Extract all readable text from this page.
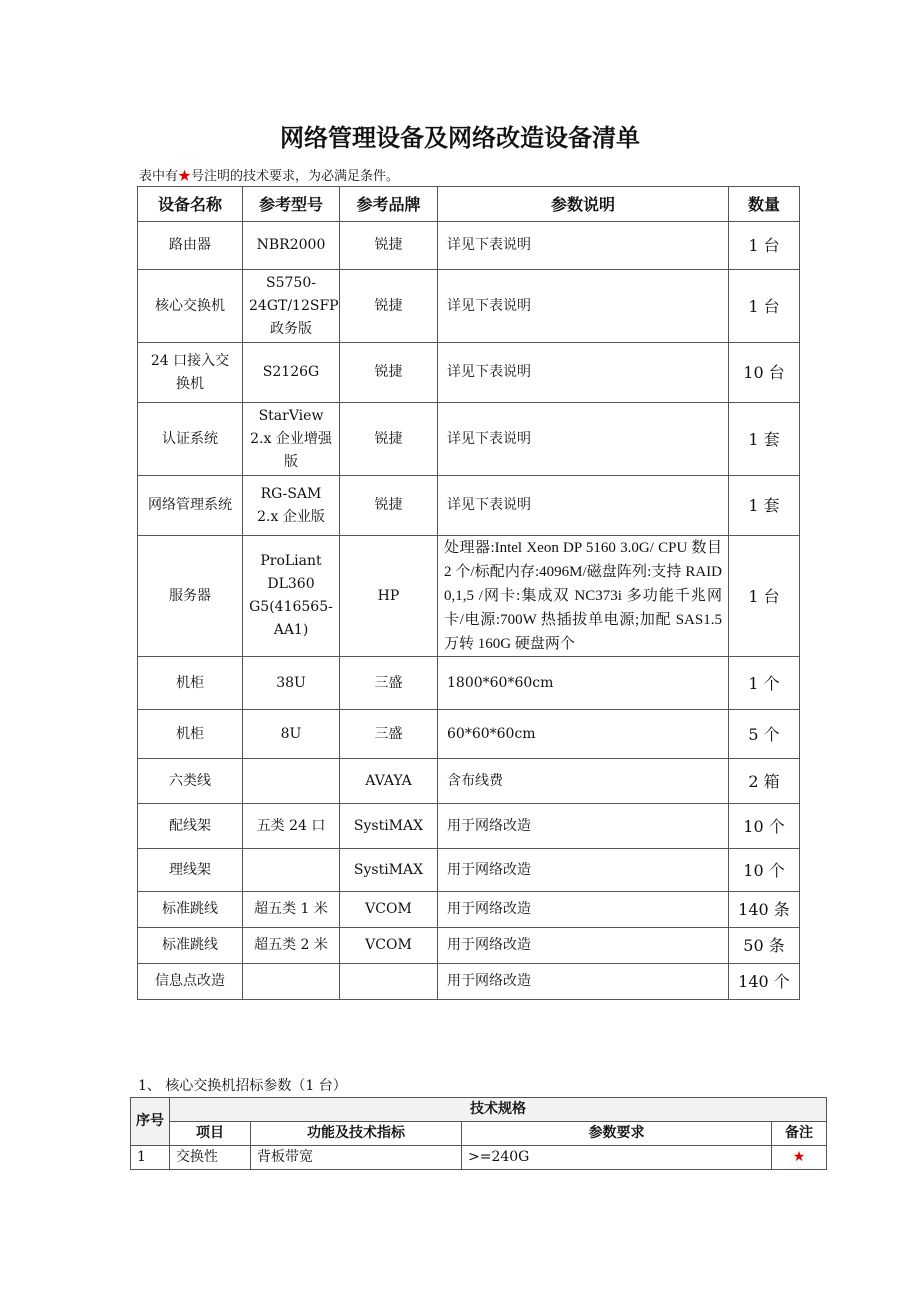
网络管理设备及网络改造设备清单
表中有★号注明的技术要求，为必满足条件。
设备名称	参考型号	参考品牌	参数说明	数量
路由器	NBR2000	锐捷	详见下表说明	1 台
核心交换机	S5750-24GT/12SFP 政务版	锐捷	详见下表说明	1 台
24 口接入交换机	S2126G	锐捷	详见下表说明	10 台
认证系统	StarView 2.x 企业增强版	锐捷	详见下表说明	1 套
网络管理系统	RG-SAM 2.x 企业版	锐捷	详见下表说明	1 套
服务器	ProLiant DL360 G5(416565-AA1)	HP	处理器:Intel Xeon DP 5160 3.0G/ CPU 数目 2 个/标配内存:4096M/磁盘阵列:支持 RAID 0,1,5 /网卡:集成双 NC373i 多功能千兆网卡/电源:700W 热插拔单电源;加配 SAS1.5 万转 160G 硬盘两个	1 台
机柜	38U	三盛	1800*60*60cm	1 个
机柜	8U	三盛	60*60*60cm	5 个
六类线		AVAYA	含布线费	2 箱
配线架	五类 24 口	SystiMAX	用于网络改造	10 个
理线架		SystiMAX	用于网络改造	10 个
标准跳线	超五类 1 米	VCOM	用于网络改造	140 条
标准跳线	超五类 2 米	VCOM	用于网络改造	50 条
信息点改造			用于网络改造	140 个
1、 核心交换机招标参数（1 台）
序号	技术规格			
	项目	功能及技术指标	参数要求	备注
1	交换性	背板带宽	>=240G	★
